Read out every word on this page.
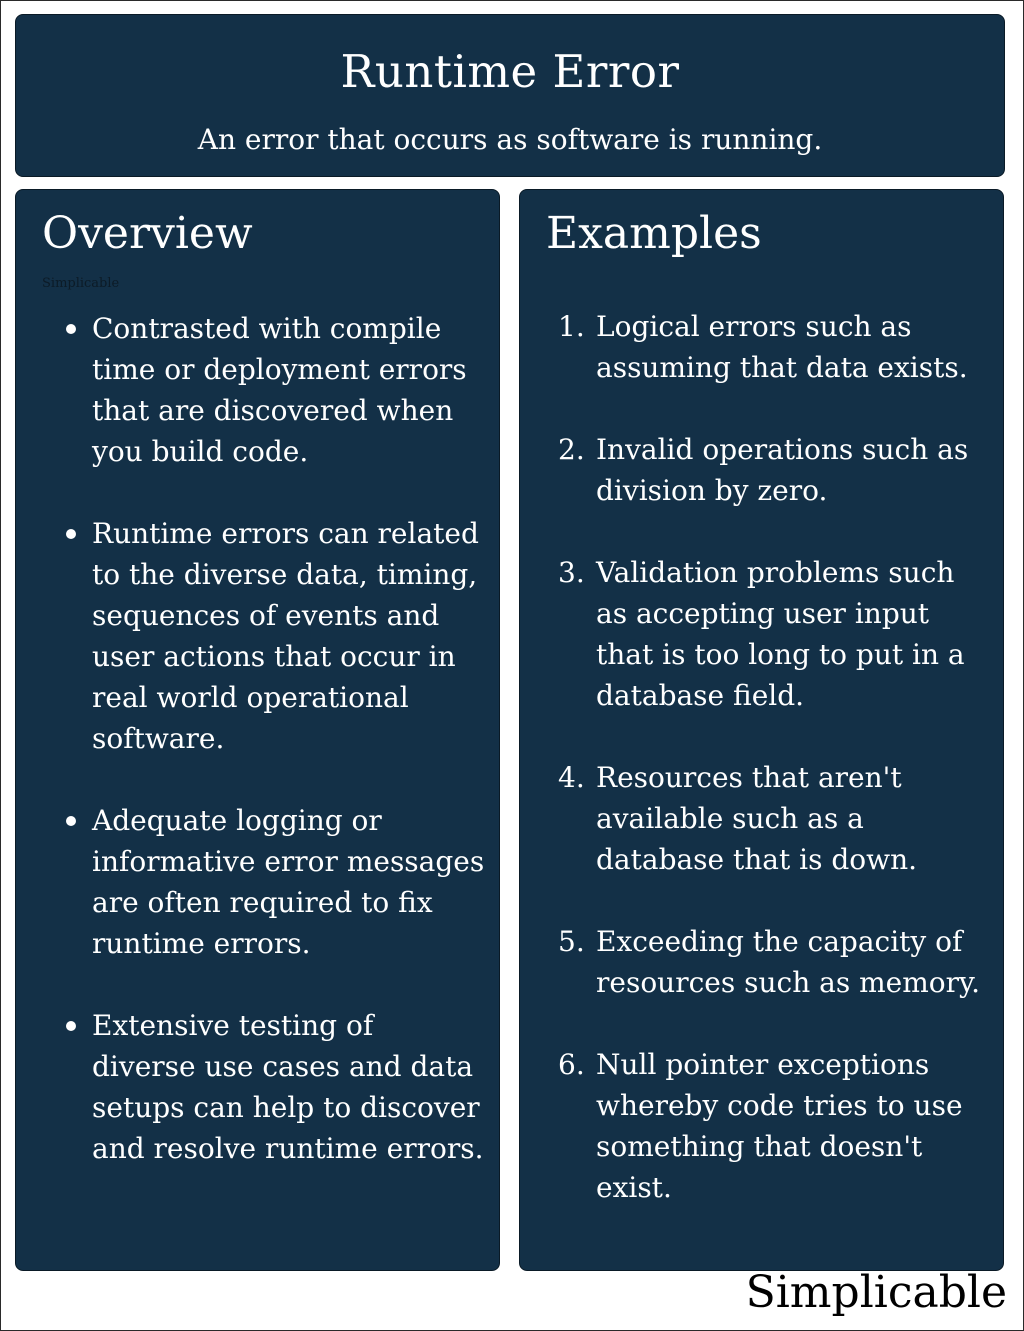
Runtime Error
An error that occurs as software is running.
Overview
Simplicable
Contrasted with compile time or deployment errors that are discovered when you build code.
Runtime errors can related to the diverse data, timing, sequences of events and user actions that occur in real world operational software.
Adequate logging or informative error messages are often required to fix runtime errors.
Extensive testing of diverse use cases and data setups can help to discover and resolve runtime errors.
Examples
1. Logical errors such as assuming that data exists.
2. Invalid operations such as division by zero.
3. Validation problems such as accepting user input that is too long to put in a database field.
4. Resources that aren't available such as a database that is down.
5. Exceeding the capacity of resources such as memory.
6. Null pointer exceptions whereby code tries to use something that doesn't exist.
Simplicable
